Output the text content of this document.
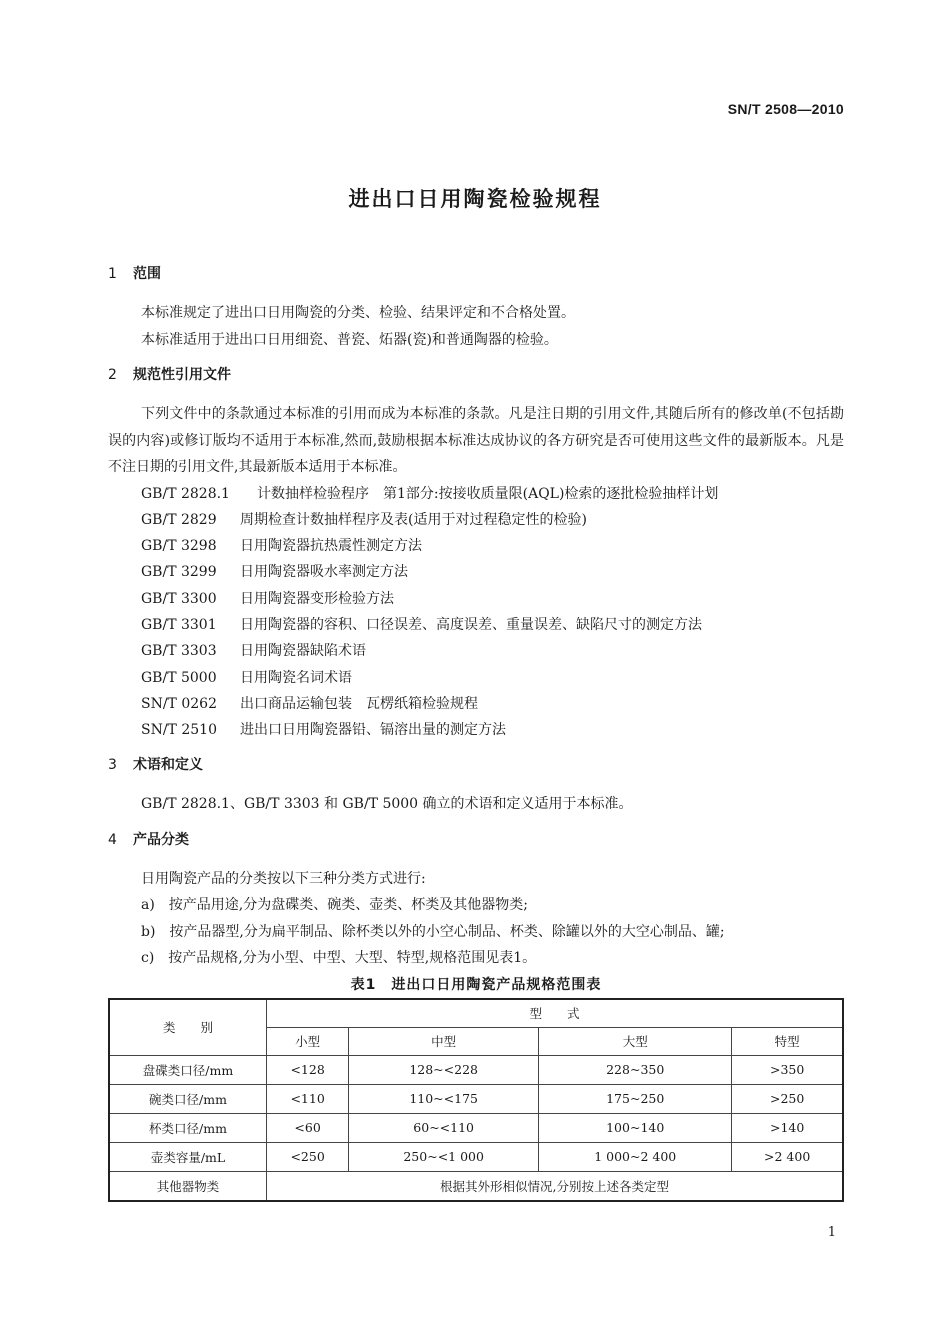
SN/T 2508—2010
进出口日用陶瓷检验规程
1 范围
本标准规定了进出口日用陶瓷的分类、检验、结果评定和不合格处置。
本标准适用于进出口日用细瓷、普瓷、炻器(瓷)和普通陶器的检验。
2 规范性引用文件
下列文件中的条款通过本标准的引用而成为本标准的条款。凡是注日期的引用文件,其随后所有的修改单(不包括勘误的内容)或修订版均不适用于本标准,然而,鼓励根据本标准达成协议的各方研究是否可使用这些文件的最新版本。凡是不注日期的引用文件,其最新版本适用于本标准。
GB/T 2828.1 计数抽样检验程序　第1部分:按接收质量限(AQL)检索的逐批检验抽样计划
GB/T 2829 周期检查计数抽样程序及表(适用于对过程稳定性的检验)
GB/T 3298 日用陶瓷器抗热震性测定方法
GB/T 3299 日用陶瓷器吸水率测定方法
GB/T 3300 日用陶瓷器变形检验方法
GB/T 3301 日用陶瓷器的容积、口径误差、高度误差、重量误差、缺陷尺寸的测定方法
GB/T 3303 日用陶瓷器缺陷术语
GB/T 5000 日用陶瓷名词术语
SN/T 0262 出口商品运输包装　瓦楞纸箱检验规程
SN/T 2510 进出口日用陶瓷器铅、镉溶出量的测定方法
3 术语和定义
GB/T 2828.1、GB/T 3303 和 GB/T 5000 确立的术语和定义适用于本标准。
4 产品分类
日用陶瓷产品的分类按以下三种分类方式进行:
a)　按产品用途,分为盘碟类、碗类、壶类、杯类及其他器物类;
b)　按产品器型,分为扁平制品、除杯类以外的小空心制品、杯类、除罐以外的大空心制品、罐;
c)　按产品规格,分为小型、中型、大型、特型,规格范围见表1。
表1　进出口日用陶瓷产品规格范围表
类　　别	型　　式			
	小型	中型	大型	特型
盘碟类口径/mm	<128	128~<228	228~350	>350
碗类口径/mm	<110	110~<175	175~250	>250
杯类口径/mm	<60	60~<110	100~140	>140
壶类容量/mL	<250	250~<1 000	1 000~2 400	>2 400
其他器物类	根据其外形相似情况,分别按上述各类定型			
1
